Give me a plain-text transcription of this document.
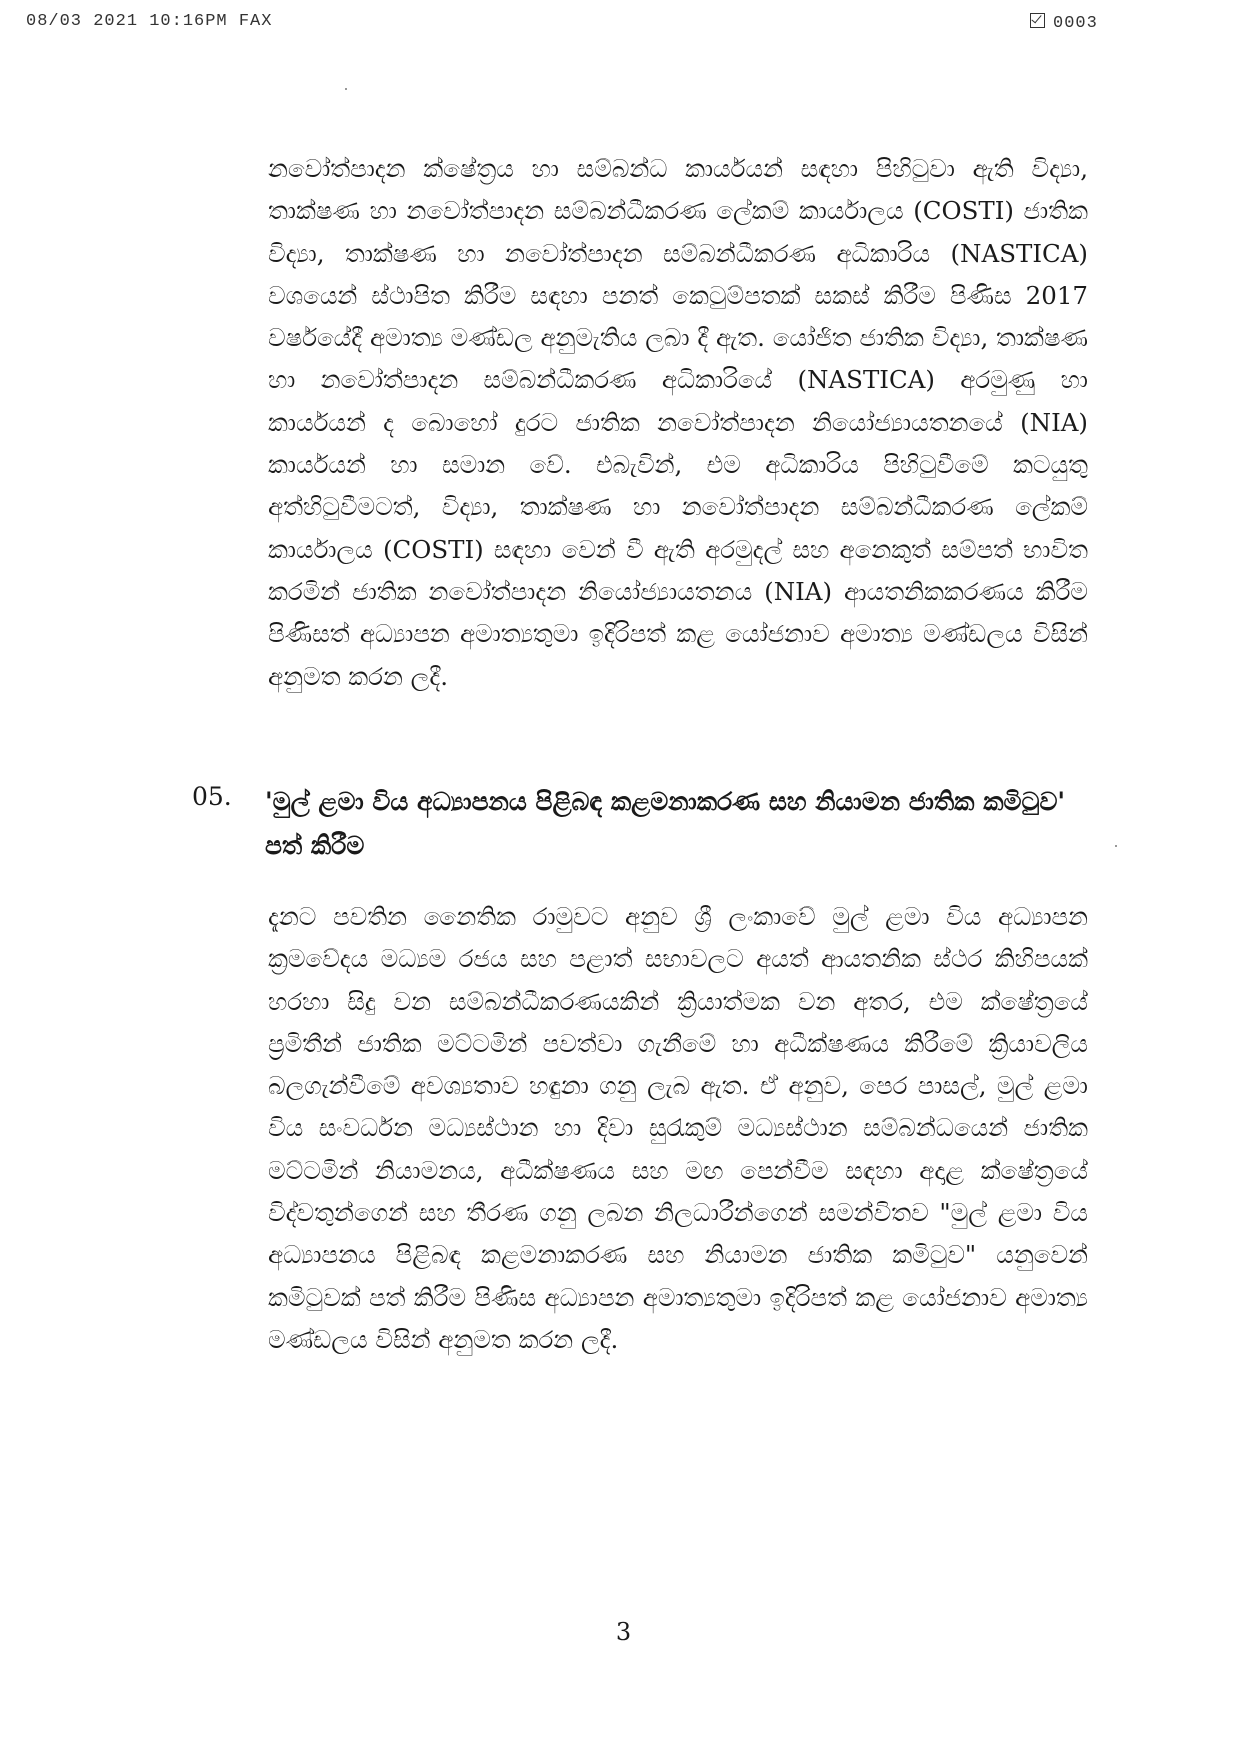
08/03 2021 10:16PM FAX	0003

නවෝත්පාදන ක්ෂේත්‍රය හා සම්බන්ධ කාර්යයන් සඳහා පිහිටුවා ඇති විද්‍යා, තාක්ෂණ හා නවෝත්පාදන සම්බන්ධීකරණ ලේකම් කාර්යාලය (COSTI) ජාතික විද්‍යා, තාක්ෂණ හා නවෝත්පාදන සම්බන්ධීකරණ අධිකාරිය (NASTICA) වශයෙන් ස්ථාපිත කිරීම සඳහා පනත් කෙටුම්පතක් සකස් කිරීම පිණිස 2017 වර්ෂයේදී අමාත්‍ය මණ්ඩල අනුමැතිය ලබා දී ඇත. යෝජිත ජාතික විද්‍යා, තාක්ෂණ හා නවෝත්පාදන සම්බන්ධීකරණ අධිකාරියේ (NASTICA) අරමුණු හා කාර්යයන් ද බොහෝ දුරට ජාතික නවෝත්පාදන නියෝජ්‍යායතනයේ (NIA) කාර්යයන් හා සමාන වේ. එබැවින්, එම අධිකාරිය පිහිටුවීමේ කටයුතු අත්හිටුවීමටත්, විද්‍යා, තාක්ෂණ හා නවෝත්පාදන සම්බන්ධීකරණ ලේකම් කාර්යාලය (COSTI) සඳහා වෙන් වී ඇති අරමුදල් සහ අනෙකුත් සම්පත් භාවිත කරමින් ජාතික නවෝත්පාදන නියෝජ්‍යායතනය (NIA) ආයතනිකකරණය කිරීම පිණිසත් අධ්‍යාපන අමාත්‍යතුමා ඉදිරිපත් කළ යෝජනාව අමාත්‍ය මණ්ඩලය විසින් අනුමත කරන ලදී.

05. 'මුල් ළමා විය අධ්‍යාපනය පිළිබඳ කළමනාකරණ සහ නියාමන ජාතික කමිටුව' පත් කිරීම

දැනට පවතින නෛතික රාමුවට අනුව ශ්‍රී ලංකාවේ මුල් ළමා විය අධ්‍යාපන ක්‍රමවේදය මධ්‍යම රජය සහ පළාත් සභාවලට අයත් ආයතනික ස්ථර කිහිපයක් හරහා සිදු වන සම්බන්ධීකරණයකින් ක්‍රියාත්මක වන අතර, එම ක්ෂේත්‍රයේ ප්‍රමිතීන් ජාතික මට්ටමින් පවත්වා ගැනීමේ හා අධීක්ෂණය කිරීමේ ක්‍රියාවලිය බලගැන්වීමේ අවශ්‍යතාව හඳුනා ගනු ලැබ ඇත. ඒ අනුව, පෙර පාසල්, මුල් ළමා විය සංවර්ධන මධ්‍යස්ථාන හා දිවා සුරැකුම් මධ්‍යස්ථාන සම්බන්ධයෙන් ජාතික මට්ටමින් නියාමනය, අධීක්ෂණය සහ මඟ පෙන්වීම සඳහා අදාළ ක්ෂේත්‍රයේ විද්වතුන්ගෙන් සහ තීරණ ගනු ලබන නිලධාරීන්ගෙන් සමන්විතව "මුල් ළමා විය අධ්‍යාපනය පිළිබඳ කළමනාකරණ සහ නියාමන ජාතික කමිටුව" යනුවෙන් කමිටුවක් පත් කිරීම පිණිස අධ්‍යාපන අමාත්‍යතුමා ඉදිරිපත් කළ යෝජනාව අමාත්‍ය මණ්ඩලය විසින් අනුමත කරන ලදී.

3
